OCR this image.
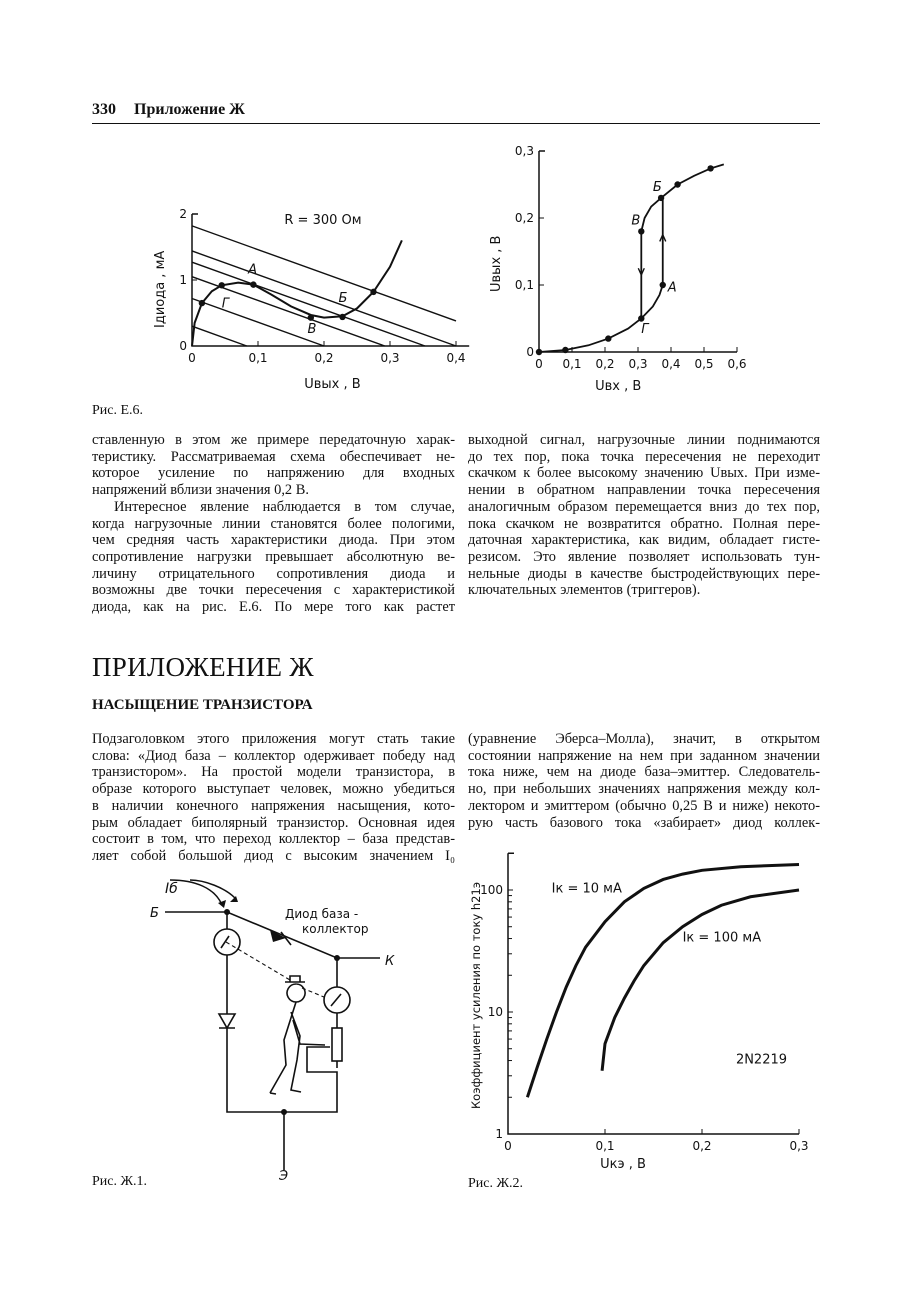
330 Приложение Ж
0	0,1	0,2	0,3	0,4
0
1
2
А
Б
В
Г
R = 300 Ом
Uвых , В
Iдиода , мА
0 0,1 0,2 0,3 0,4 0,5 0,6
0
0,1
0,2
0,3
Б
В
А
Г
Uвх , В
Uвых , В
Рис. Е.6.
ставленную в этом же примере передаточную харак-
теристику. Рассматриваемая схема обеспечивает не-
которое усиление по напряжению для входных
напряжений вблизи значения 0,2 В.
Интересное явление наблюдается в том случае,
когда нагрузочные линии становятся более пологими,
чем средняя часть характеристики диода. При этом
сопротивление нагрузки превышает абсолютную ве-
личину отрицательного сопротивления диода и
возможны две точки пересечения с характеристикой
диода, как на рис. Е.6. По мере того как растет
выходной сигнал, нагрузочные линии поднимаются
до тех пор, пока точка пересечения не переходит
скачком к более высокому значению Uвых. При изме-
нении в обратном направлении точка пересечения
аналогичным образом перемещается вниз до тех пор,
пока скачком не возвратится обратно. Полная пере-
даточная характеристика, как видим, обладает гисте-
резисом. Это явление позволяет использовать тун-
нельные диоды в качестве быстродействующих пере-
ключательных элементов (триггеров).
ПРИЛОЖЕНИЕ Ж
НАСЫЩЕНИЕ ТРАНЗИСТОРА
Подзаголовком этого приложения могут стать такие
слова: «Диод база – коллектор одерживает победу над
транзистором». На простой модели транзистора, в
образе которого выступает человек, можно убедиться
в наличии конечного напряжения насыщения, кото-
рым обладает биполярный транзистор. Основная идея
состоит в том, что переход коллектор – база представ-
ляет собой большой диод с высоким значением I₀
(уравнение Эберса–Молла), значит, в открытом
состоянии напряжение на нем при заданном значении
тока ниже, чем на диоде база–эмиттер. Следователь-
но, при небольших значениях напряжения между кол-
лектором и эмиттером (обычно 0,25 В и ниже) некото-
рую часть базового тока «забирает» диод коллек-
Iб
Б
К
Э
Диод база -
коллектор
Рис. Ж.1.
0	0,1	0,2	0,3
1
10
100	Iк = 10 мА
Iк = 100 мА
2N2219
Uкэ , В
Коэффициент усиления по току h21э
Рис. Ж.2.
